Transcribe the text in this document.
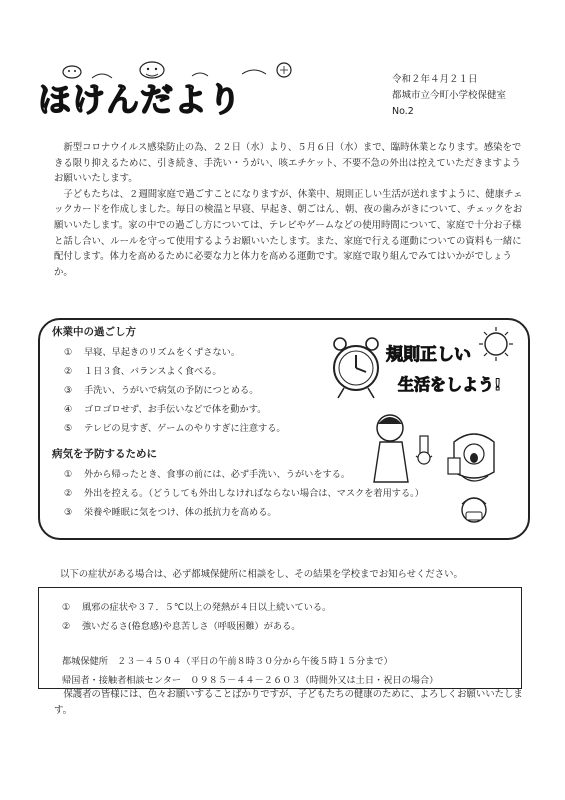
ほけんだより
令和２年４月２１日
都城市立今町小学校保健室
No.2

新型コロナウイルス感染防止の為、２２日（水）より、５月６日（水）まで、臨時休業となります。感染をできる限り抑えるために、引き続き、手洗い・うがい、咳エチケット、不要不急の外出は控えていただきますようお願いいたします。

子どもたちは、２週間家庭で過ごすことになりますが、休業中、規則正しい生活が送れますように、健康チェックカードを作成しました。毎日の検温と早寝、早起き、朝ごはん、朝、夜の歯みがきについて、チェックをお願いいたします。家の中での過ごし方については、テレビやゲームなどの使用時間について、家庭で十分お子様と話し合い、ルールを守って使用するようお願いいたします。また、家庭で行える運動についての資料も一緒に配付します。体力を高めるために必要な力と体力を高める運動です。家庭で取り組んでみてはいかがでしょうか。

休業中の過ごし方
① 早寝、早起きのリズムをくずさない。
② １日３食、バランスよく食べる。
③ 手洗い、うがいで病気の予防につとめる。
④ ゴロゴロせず、お手伝いなどで体を動かす。
⑤ テレビの見すぎ、ゲームのやりすぎに注意する。
規則正しい
生活をしよう!
病気を予防するために
① 外から帰ったとき、食事の前には、必ず手洗い、うがいをする。
② 外出を控える。（どうしても外出しなければならない場合は、マスクを着用する。）
③ 栄養や睡眠に気をつけ、体の抵抗力を高める。
以下の症状がある場合は、必ず都城保健所に相談をし、その結果を学校までお知らせください。
① 風邪の症状や３７．５℃以上の発熱が４日以上続いている。
② 強いだるさ(倦怠感)や息苦しさ（呼吸困難）がある。
都城保健所　２３－４５０４（平日の午前８時３０分から午後５時１５分まで）
帰国者・接触者相談センター　０９８５－４４－２６０３（時間外又は土日・祝日の場合）

保護者の皆様には、色々お願いすることばかりですが、子どもたちの健康のために、よろしくお願いいたします。
